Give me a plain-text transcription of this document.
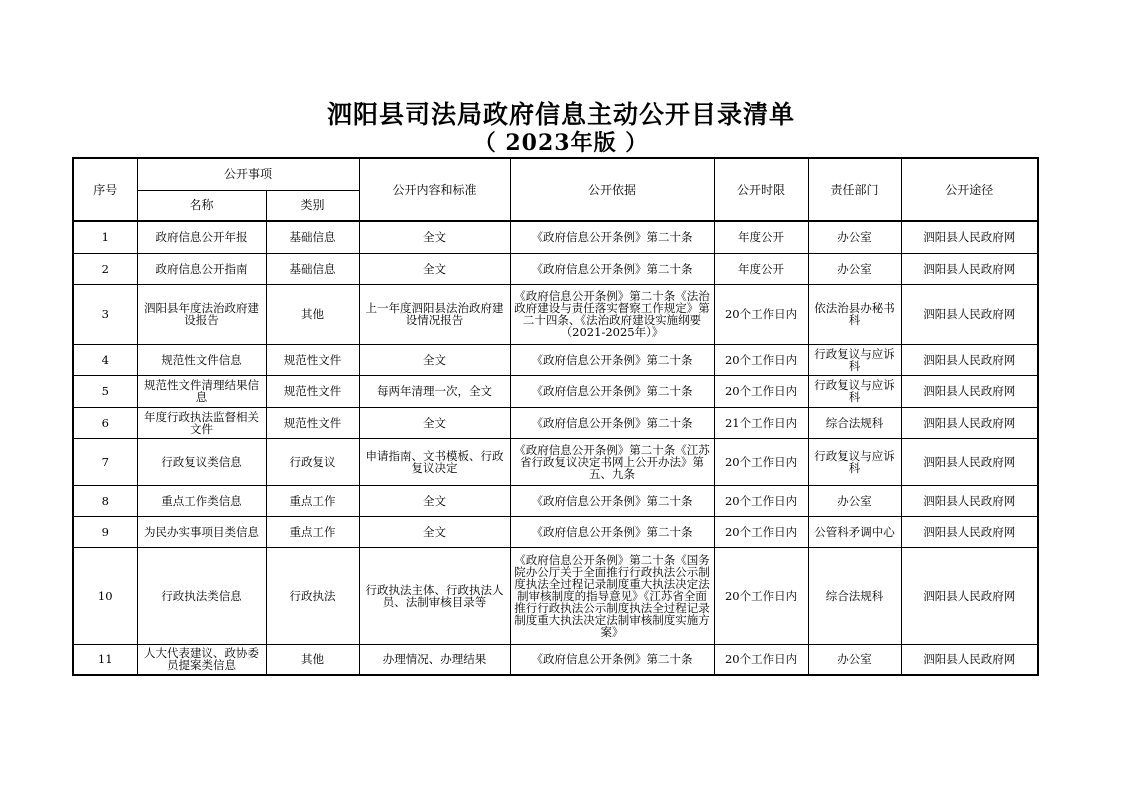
泗阳县司法局政府信息主动公开目录清单
（ 2023年版 ）
序号	公开事项		公开内容和标准	公开依据	公开时限	责任部门	公开途径
	名称	类别					
1	政府信息公开年报	基础信息	全文	《政府信息公开条例》第二十条	年度公开	办公室	泗阳县人民政府网
2	政府信息公开指南	基础信息	全文	《政府信息公开条例》第二十条	年度公开	办公室	泗阳县人民政府网
3	泗阳县年度法治政府建设报告	其他	上一年度泗阳县法治政府建设情况报告	《政府信息公开条例》第二十条《法治政府建设与责任落实督察工作规定》第二十四条、《法治政府建设实施纲要（2021-2025年）》	20个工作日内	依法治县办秘书科	泗阳县人民政府网
4	规范性文件信息	规范性文件	全文	《政府信息公开条例》第二十条	20个工作日内	行政复议与应诉科	泗阳县人民政府网
5	规范性文件清理结果信息	规范性文件	每两年清理一次，全文	《政府信息公开条例》第二十条	20个工作日内	行政复议与应诉科	泗阳县人民政府网
6	年度行政执法监督相关文件	规范性文件	全文	《政府信息公开条例》第二十条	21个工作日内	综合法规科	泗阳县人民政府网
7	行政复议类信息	行政复议	申请指南、文书模板、行政复议决定	《政府信息公开条例》第二十条《江苏省行政复议决定书网上公开办法》第五、九条	20个工作日内	行政复议与应诉科	泗阳县人民政府网
8	重点工作类信息	重点工作	全文	《政府信息公开条例》第二十条	20个工作日内	办公室	泗阳县人民政府网
9	为民办实事项目类信息	重点工作	全文	《政府信息公开条例》第二十条	20个工作日内	公管科矛调中心	泗阳县人民政府网
10	行政执法类信息	行政执法	行政执法主体、行政执法人员、法制审核目录等	《政府信息公开条例》第二十条《国务院办公厅关于全面推行行政执法公示制度执法全过程记录制度重大执法决定法制审核制度的指导意见》《江苏省全面推行行政执法公示制度执法全过程记录制度重大执法决定法制审核制度实施方案》	20个工作日内	综合法规科	泗阳县人民政府网
11	人大代表建议、政协委员提案类信息	其他	办理情况、办理结果	《政府信息公开条例》第二十条	20个工作日内	办公室	泗阳县人民政府网
